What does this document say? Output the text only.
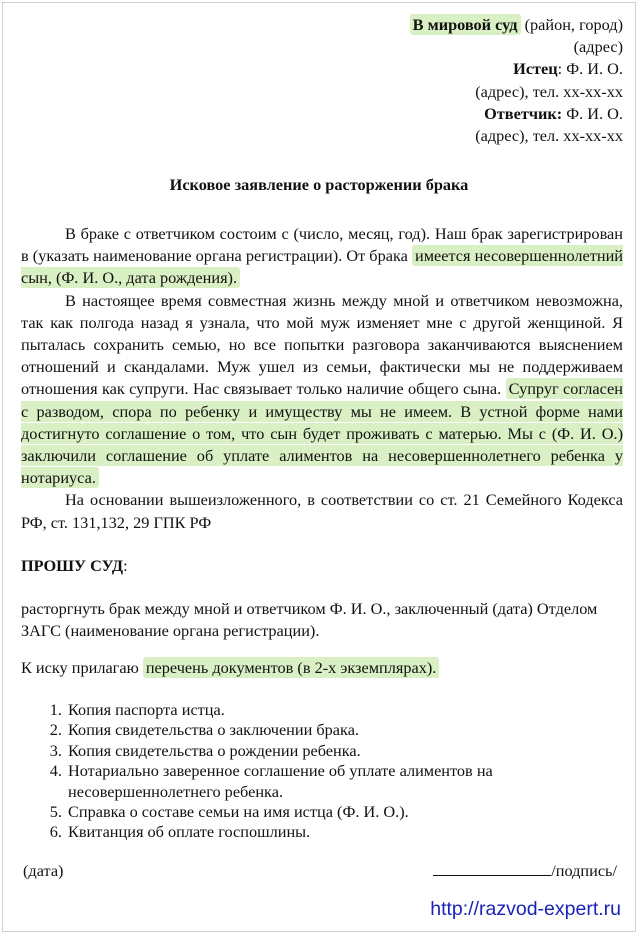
В мировой суд (район, город)
(адрес)
Истец: Ф. И. О.
(адрес), тел. хх-хх-хх
Ответчик: Ф. И. О.
(адрес), тел. хх-хх-хх
Исковое заявление о расторжении брака

В браке с ответчиком состоим с (число, месяц, год). Наш брак зарегистрирован в (указать наименование органа регистрации). От брака имеется несовершеннолетний сын, (Ф. И. О., дата рождения).

В настоящее время совместная жизнь между мной и ответчиком невозможна, так как полгода назад я узнала, что мой муж изменяет мне с другой женщиной. Я пыталась сохранить семью, но все попытки разговора заканчиваются выяснением отношений и скандалами. Муж ушел из семьи, фактически мы не поддерживаем отношения как супруги. Нас связывает только наличие общего сына. Супруг согласен с разводом, спора по ребенку и имуществу мы не имеем. В устной форме нами достигнуто соглашение о том, что сын будет проживать с матерью. Мы с (Ф. И. О.) заключили соглашение об уплате алиментов на несовершеннолетнего ребенка у нотариуса.

На основании вышеизложенного, в соответствии со ст. 21 Семейного Кодекса РФ, ст. 131,132, 29 ГПК РФ

ПРОШУ СУД:
расторгнуть брак между мной и ответчиком Ф. И. О., заключенный (дата) Отделом ЗАГС (наименование органа регистрации).
К иску прилагаю перечень документов (в 2-х экземплярах).
1. Копия паспорта истца.
2. Копия свидетельства о заключении брака.
3. Копия свидетельства о рождении ребенка.
4. Нотариально заверенное соглашение об уплате алиментов на несовершеннолетнего ребенка.
5. Справка о составе семьи на имя истца (Ф. И. О.).
6. Квитанция об оплате госпошлины.
(дата)	/подпись/
http://razvod-expert.ru
